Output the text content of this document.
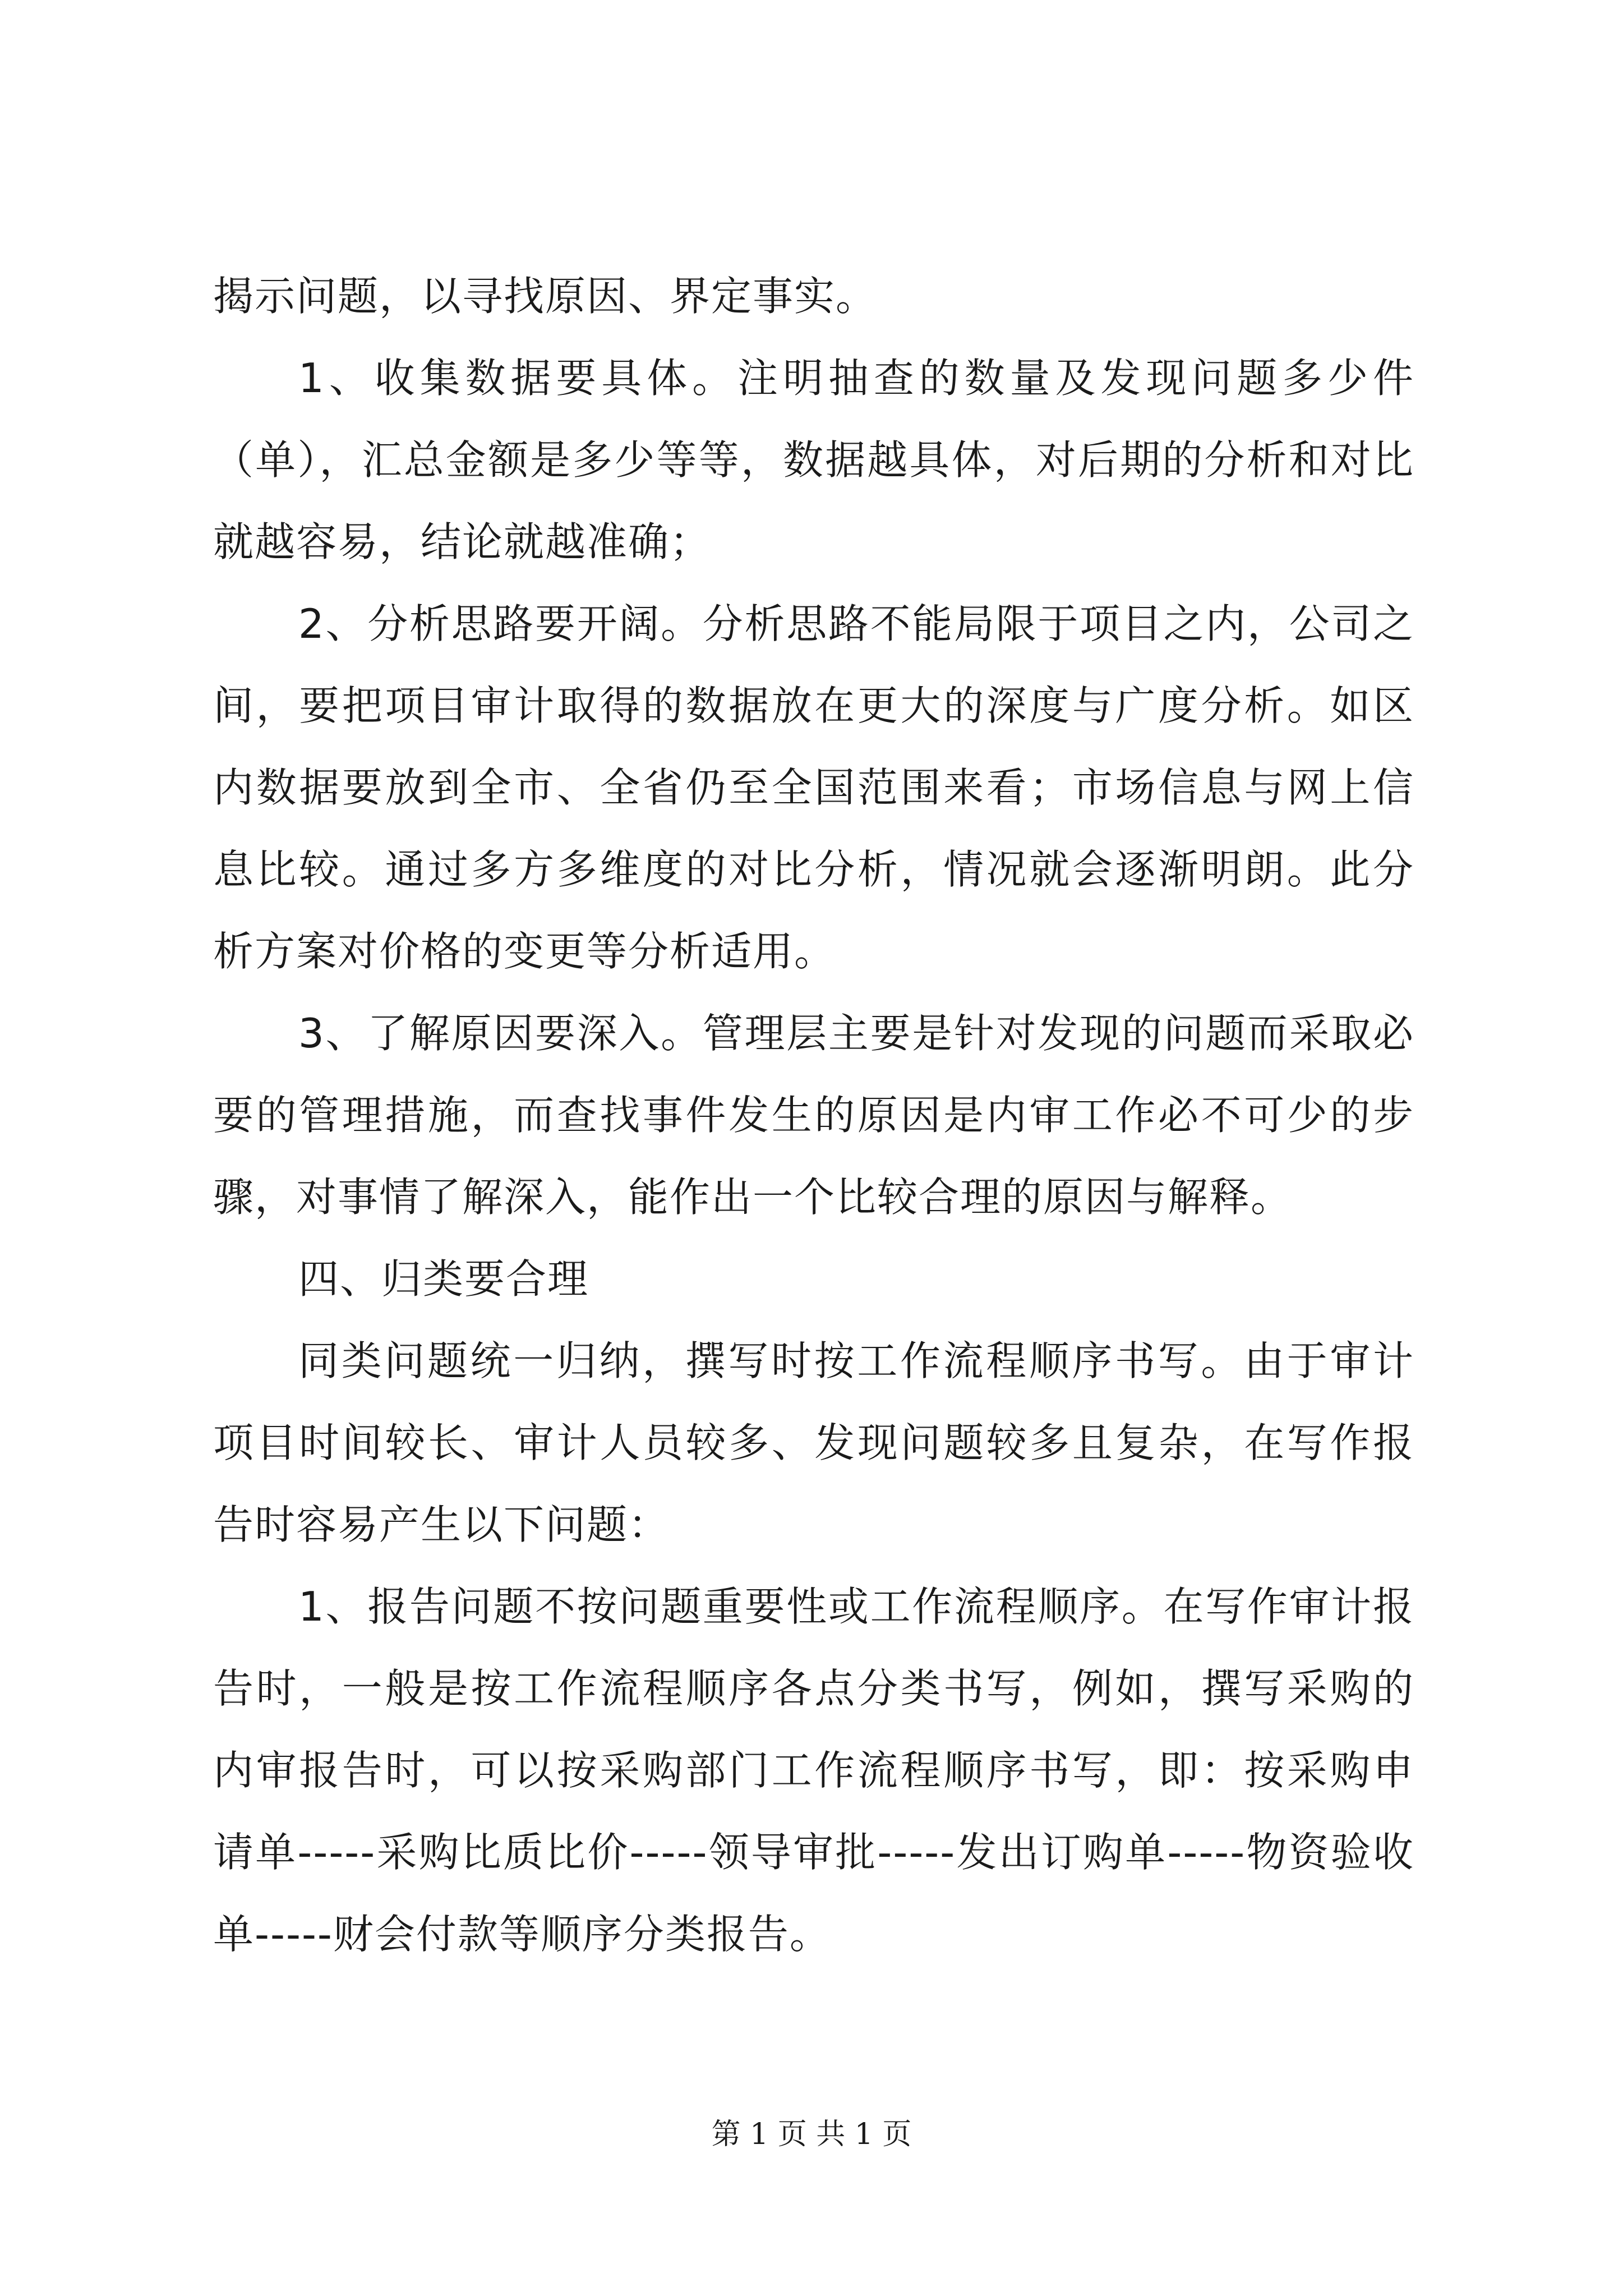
揭示问题，以寻找原因、界定事实。

1、收集数据要具体。注明抽查的数量及发现问题多少件（单），汇总金额是多少等等，数据越具体，对后期的分析和对比就越容易，结论就越准确；

2、分析思路要开阔。分析思路不能局限于项目之内，公司之间，要把项目审计取得的数据放在更大的深度与广度分析。如区内数据要放到全市、全省仍至全国范围来看；市场信息与网上信息比较。通过多方多维度的对比分析，情况就会逐渐明朗。此分析方案对价格的变更等分析适用。

3、了解原因要深入。管理层主要是针对发现的问题而采取必要的管理措施，而查找事件发生的原因是内审工作必不可少的步骤，对事情了解深入，能作出一个比较合理的原因与解释。

四、归类要合理

同类问题统一归纳，撰写时按工作流程顺序书写。由于审计项目时间较长、审计人员较多、发现问题较多且复杂，在写作报告时容易产生以下问题：

1、报告问题不按问题重要性或工作流程顺序。在写作审计报告时，一般是按工作流程顺序各点分类书写，例如，撰写采购的内审报告时，可以按采购部门工作流程顺序书写，即：按采购申请单-----采购比质比价-----领导审批-----发出订购单-----物资验收单-----财会付款等顺序分类报告。

第 1 页 共 1 页
